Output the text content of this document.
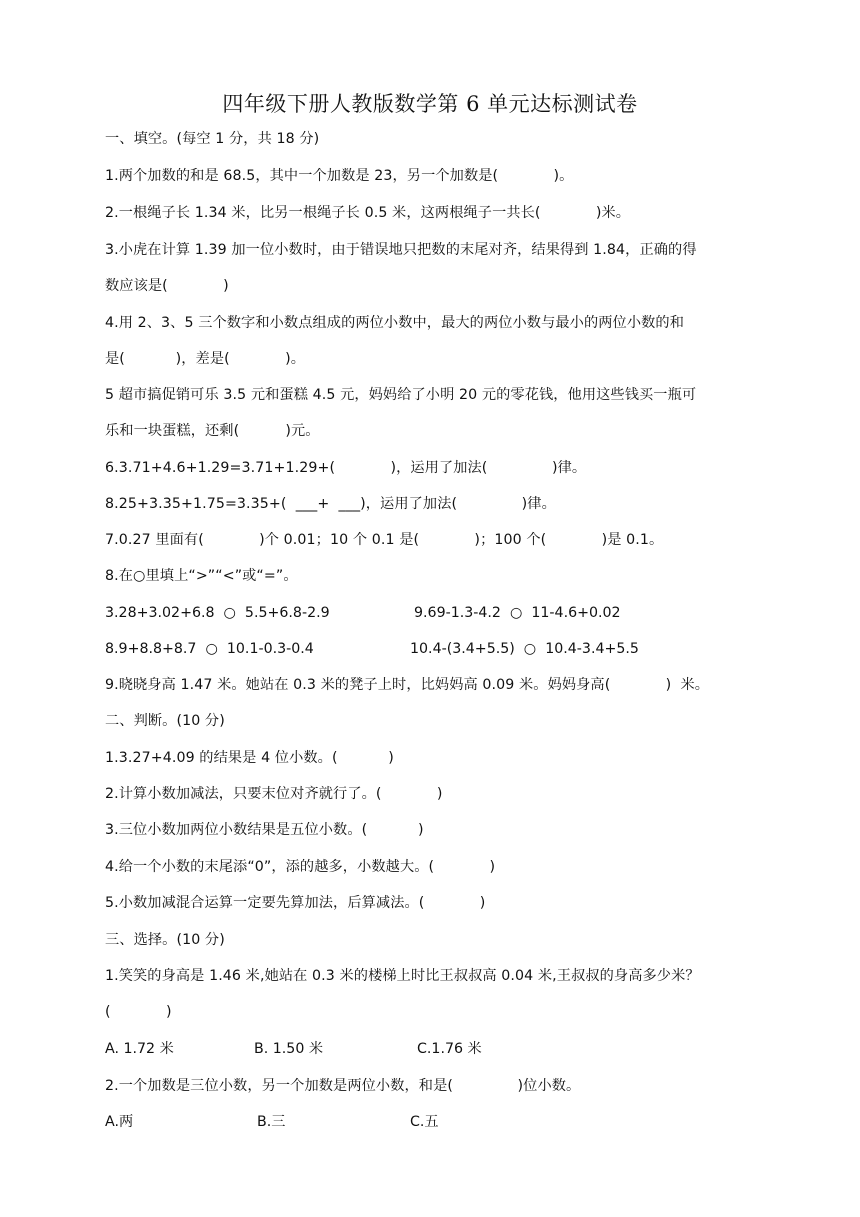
四年级下册人教版数学第 6 单元达标测试卷
一、填空。(每空 1 分，共 18 分)
1.两个加数的和是 68.5，其中一个加数是 23，另一个加数是(            )。
2.一根绳子长 1.34 米，比另一根绳子长 0.5 米，这两根绳子一共长(            )米。
3.小虎在计算 1.39 加一位小数时，由于错误地只把数的末尾对齐，结果得到 1.84，正确的得
数应该是(            )
4.用 2、3、5 三个数字和小数点组成的两位小数中，最大的两位小数与最小的两位小数的和
是(           )，差是(            )。
5 超市搞促销可乐 3.5 元和蛋糕 4.5 元，妈妈给了小明 20 元的零花钱，他用这些钱买一瓶可
乐和一块蛋糕，还剩(          )元。
6.3.71+4.6+1.29=3.71+1.29+(            )，运用了加法(              )律。
8.25+3.35+1.75=3.35+(  ___+  ___)，运用了加法(              )律。
7.0.27 里面有(            )个 0.01；10 个 0.1 是(            )；100 个(            )是 0.1。
8.在○里填上“>”“<”或“=”。
3.28+3.02+6.8  ○  5.5+6.8-2.9	9.69-1.3-4.2  ○  11-4.6+0.02
8.9+8.8+8.7  ○  10.1-0.3-0.4	10.4-(3.4+5.5)  ○  10.4-3.4+5.5
9.晓晓身高 1.47 米。她站在 0.3 米的凳子上时，比妈妈高 0.09 米。妈妈身高(            )  米。
二、判断。(10 分)
1.3.27+4.09 的结果是 4 位小数。(           )
2.计算小数加减法，只要末位对齐就行了。(            )
3.三位小数加两位小数结果是五位小数。(           )
4.给一个小数的末尾添“0”，添的越多，小数越大。(            )
5.小数加减混合运算一定要先算加法，后算减法。(            )
三、选择。(10 分)
1.笑笑的身高是 1.46 米,她站在 0.3 米的楼梯上时比王叔叔高 0.04 米,王叔叔的身高多少米？
(            )
A. 1.72 米	B. 1.50 米	C.1.76 米
2.一个加数是三位小数，另一个加数是两位小数，和是(              )位小数。
A.两	B.三	C.五
